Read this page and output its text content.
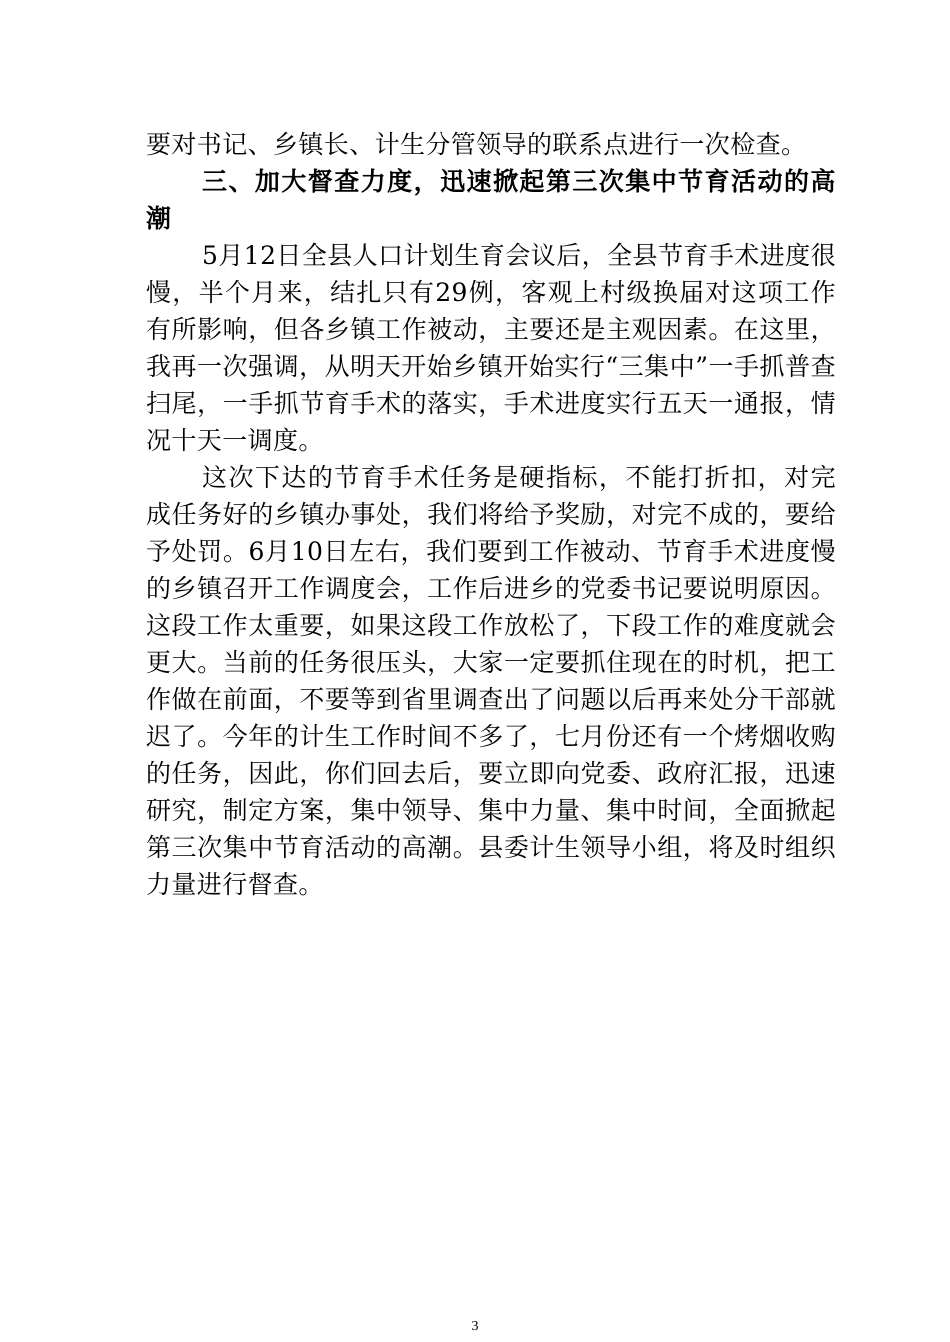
要对书记、乡镇长、计生分管领导的联系点进行一次检查。

三、加大督查力度，迅速掀起第三次集中节育活动的高潮

5月12日全县人口计划生育会议后，全县节育手术进度很慢，半个月来，结扎只有29例，客观上村级换届对这项工作有所影响，但各乡镇工作被动，主要还是主观因素。在这里，我再一次强调，从明天开始乡镇开始实行“三集中”一手抓普查扫尾，一手抓节育手术的落实，手术进度实行五天一通报，情况十天一调度。

这次下达的节育手术任务是硬指标，不能打折扣，对完成任务好的乡镇办事处，我们将给予奖励，对完不成的，要给予处罚。6月10日左右，我们要到工作被动、节育手术进度慢的乡镇召开工作调度会，工作后进乡的党委书记要说明原因。这段工作太重要，如果这段工作放松了，下段工作的难度就会更大。当前的任务很压头，大家一定要抓住现在的时机，把工作做在前面，不要等到省里调查出了问题以后再来处分干部就迟了。今年的计生工作时间不多了，七月份还有一个烤烟收购的任务，因此，你们回去后，要立即向党委、政府汇报，迅速研究，制定方案，集中领导、集中力量、集中时间，全面掀起第三次集中节育活动的高潮。县委计生领导小组，将及时组织力量进行督查。

3
